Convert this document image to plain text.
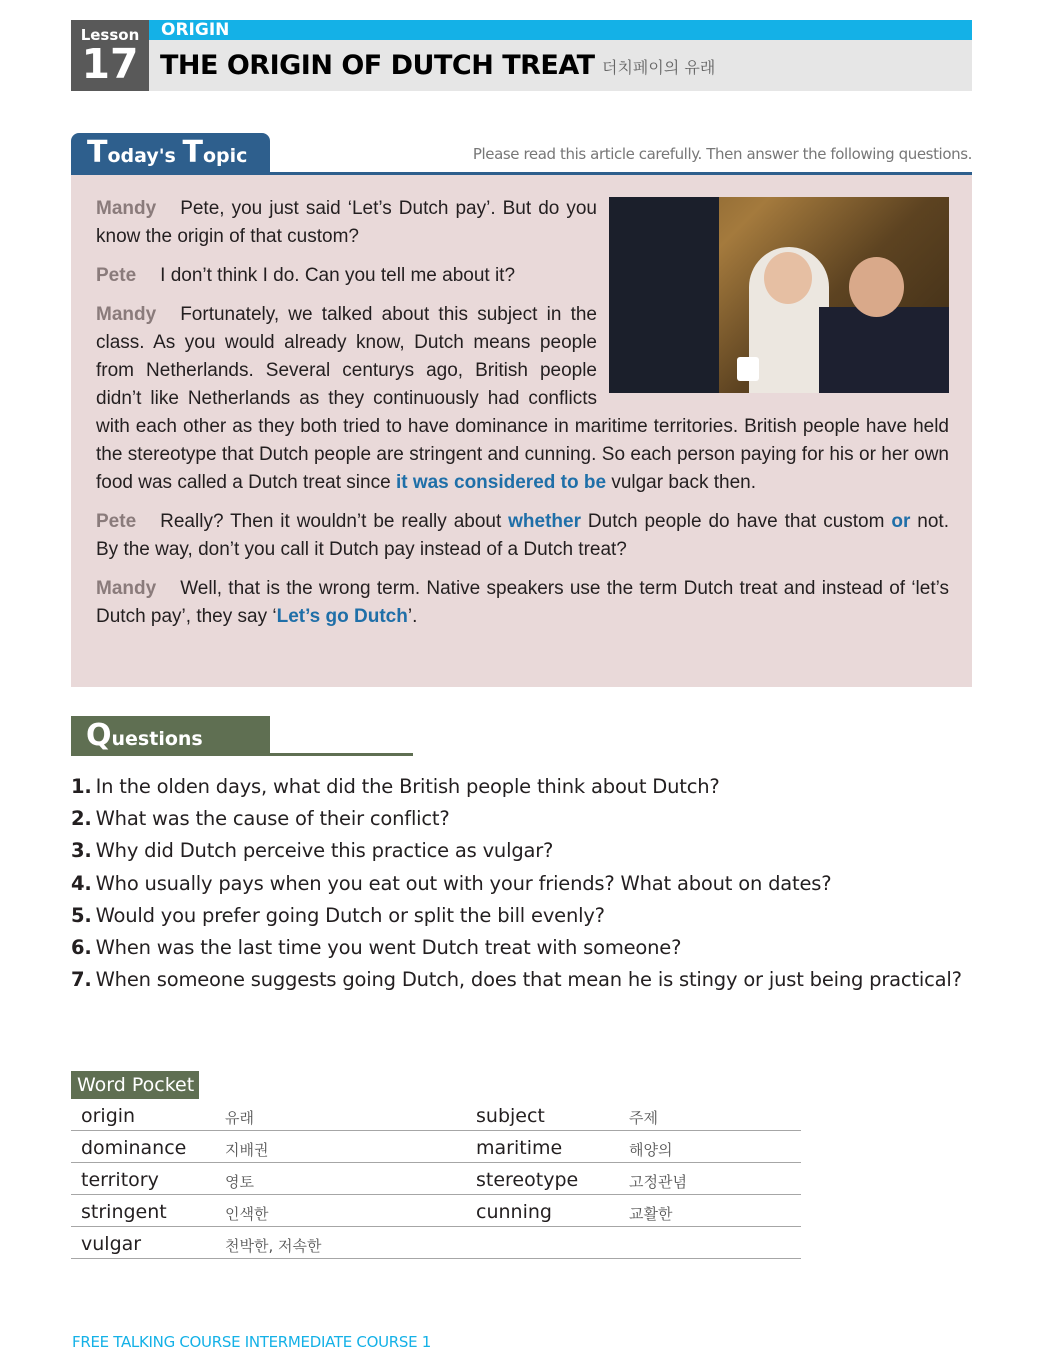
Lesson
17
ORIGIN
THE ORIGIN OF DUTCH TREAT 더치페이의 유래
Today's Topic	Please read this article carefully. Then answer the following questions.

Mandy Pete, you just said ‘Let’s Dutch pay’. But do you know the origin of that custom?

Pete I don’t think I do. Can you tell me about it?

Mandy Fortunately, we talked about this subject in the class. As you would already know, Dutch means people from Netherlands. Several centurys ago, British people didn’t like Netherlands as they continuously had conflicts with each other as they both tried to have dominance in maritime territories. British people have held the stereotype that Dutch people are stringent and cunning. So each person paying for his or her own food was called a Dutch treat since it was considered to be vulgar back then.

Pete Really? Then it wouldn’t be really about whether Dutch people do have that custom or not. By the way, don’t you call it Dutch pay instead of a Dutch treat?

Mandy Well, that is the wrong term. Native speakers use the term Dutch treat and instead of ‘let’s Dutch pay’, they say ‘Let’s go Dutch’.

Questions
1. In the olden days, what did the British people think about Dutch?
2. What was the cause of their conflict?
3. Why did Dutch perceive this practice as vulgar?
4. Who usually pays when you eat out with your friends? What about on dates?
5. Would you prefer going Dutch or split the bill evenly?
6. When was the last time you went Dutch treat with someone?
7. When someone suggests going Dutch, does that mean he is stingy or just being practical?
Word Pocket
origin	유래	subject	주제
dominance	지배권	maritime	해양의
territory	영토	stereotype	고정관념
stringent	인색한	cunning	교활한
vulgar	천박한, 저속한
FREE TALKING COURSE INTERMEDIATE COURSE 1
